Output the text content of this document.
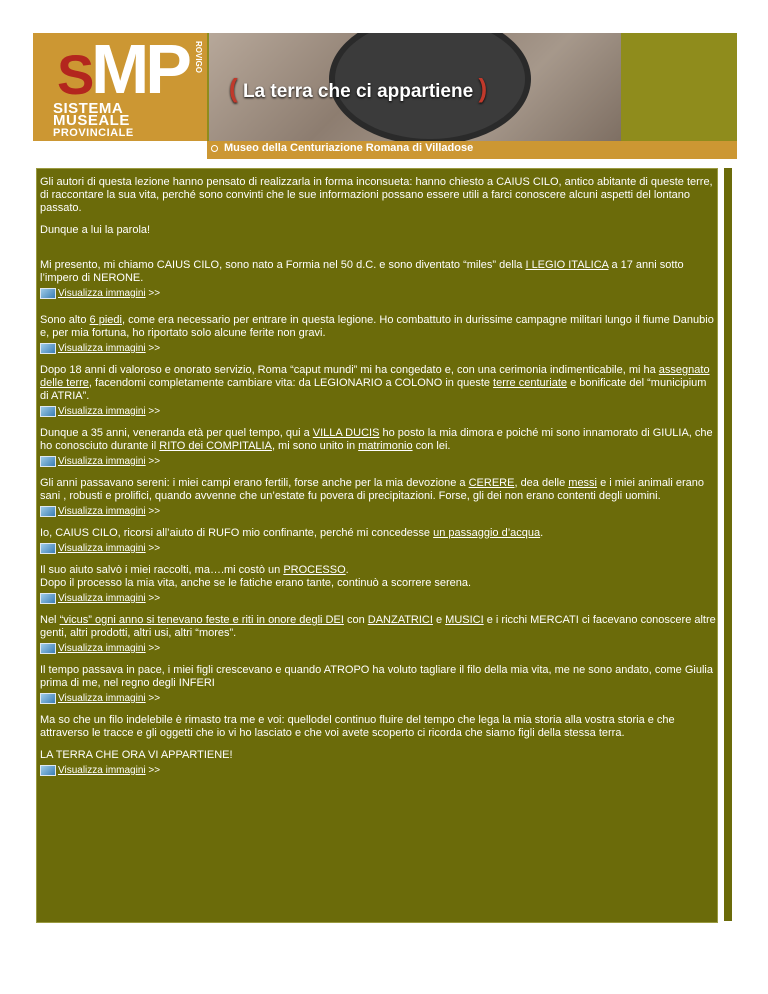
S
MP ROVIGO
SISTEMA
MUSEALE
PROVINCIALE
( La terra che ci appartiene )
Museo della Centuriazione Romana di Villadose

Gli autori di questa lezione hanno pensato di realizzarla in forma inconsueta: hanno chiesto a CAIUS CILO, antico abitante di queste terre, di raccontare la sua vita, perché sono convinti che le sue informazioni possano essere utili a farci conoscere alcuni aspetti del lontano passato.

Dunque a lui la parola!

Mi presento, mi chiamo CAIUS CILO, sono nato a Formia nel 50 d.C. e sono diventato “miles” della I LEGIO ITALICA a 17 anni sotto l’impero di NERONE.

Visualizza immagini >>

Sono alto 6 piedi, come era necessario per entrare in questa legione. Ho combattuto in durissime campagne militari lungo il fiume Danubio e, per mia fortuna, ho riportato solo alcune ferite non gravi.

Visualizza immagini >>

Dopo 18 anni di valoroso e onorato servizio, Roma “caput mundi” mi ha congedato e, con una cerimonia indimenticabile, mi ha assegnato delle terre, facendomi completamente cambiare vita: da LEGIONARIO a COLONO in queste terre centuriate e bonificate del “municipium di ATRIA”.

Visualizza immagini >>

Dunque a 35 anni, veneranda età per quel tempo, qui a VILLA DUCIS ho posto la mia dimora e poiché mi sono innamorato di GIULIA, che ho conosciuto durante il RITO dei COMPITALIA, mi sono unito in matrimonio con lei.

Visualizza immagini >>

Gli anni passavano sereni: i miei campi erano fertili, forse anche per la mia devozione a CERERE, dea delle messi e i miei animali erano sani , robusti e prolifici, quando avvenne che un’estate fu povera di precipitazioni. Forse, gli dei non erano contenti degli uomini.

Visualizza immagini >>

Io, CAIUS CILO, ricorsi all’aiuto di RUFO mio confinante, perché mi concedesse un passaggio d’acqua.

Visualizza immagini >>

Il suo aiuto salvò i miei raccolti, ma….mi costò un PROCESSO.

Dopo il processo la mia vita, anche se le fatiche erano tante, continuò a scorrere serena.

Visualizza immagini >>

Nel “vicus” ogni anno si tenevano feste e riti in onore degli DEI con DANZATRICI e MUSICI e i ricchi MERCATI ci facevano conoscere altre genti, altri prodotti, altri usi, altri “mores”.

Visualizza immagini >>

Il tempo passava in pace, i miei figli crescevano e quando ATROPO ha voluto tagliare il filo della mia vita, me ne sono andato, come Giulia prima di me, nel regno degli INFERI

Visualizza immagini >>

Ma so che un filo indelebile è rimasto tra me e voi: quellodel continuo fluire del tempo che lega la mia storia alla vostra storia e che attraverso le tracce e gli oggetti che io vi ho lasciato e che voi avete scoperto ci ricorda che siamo figli della stessa terra.

LA TERRA CHE ORA VI APPARTIENE!

Visualizza immagini >>
